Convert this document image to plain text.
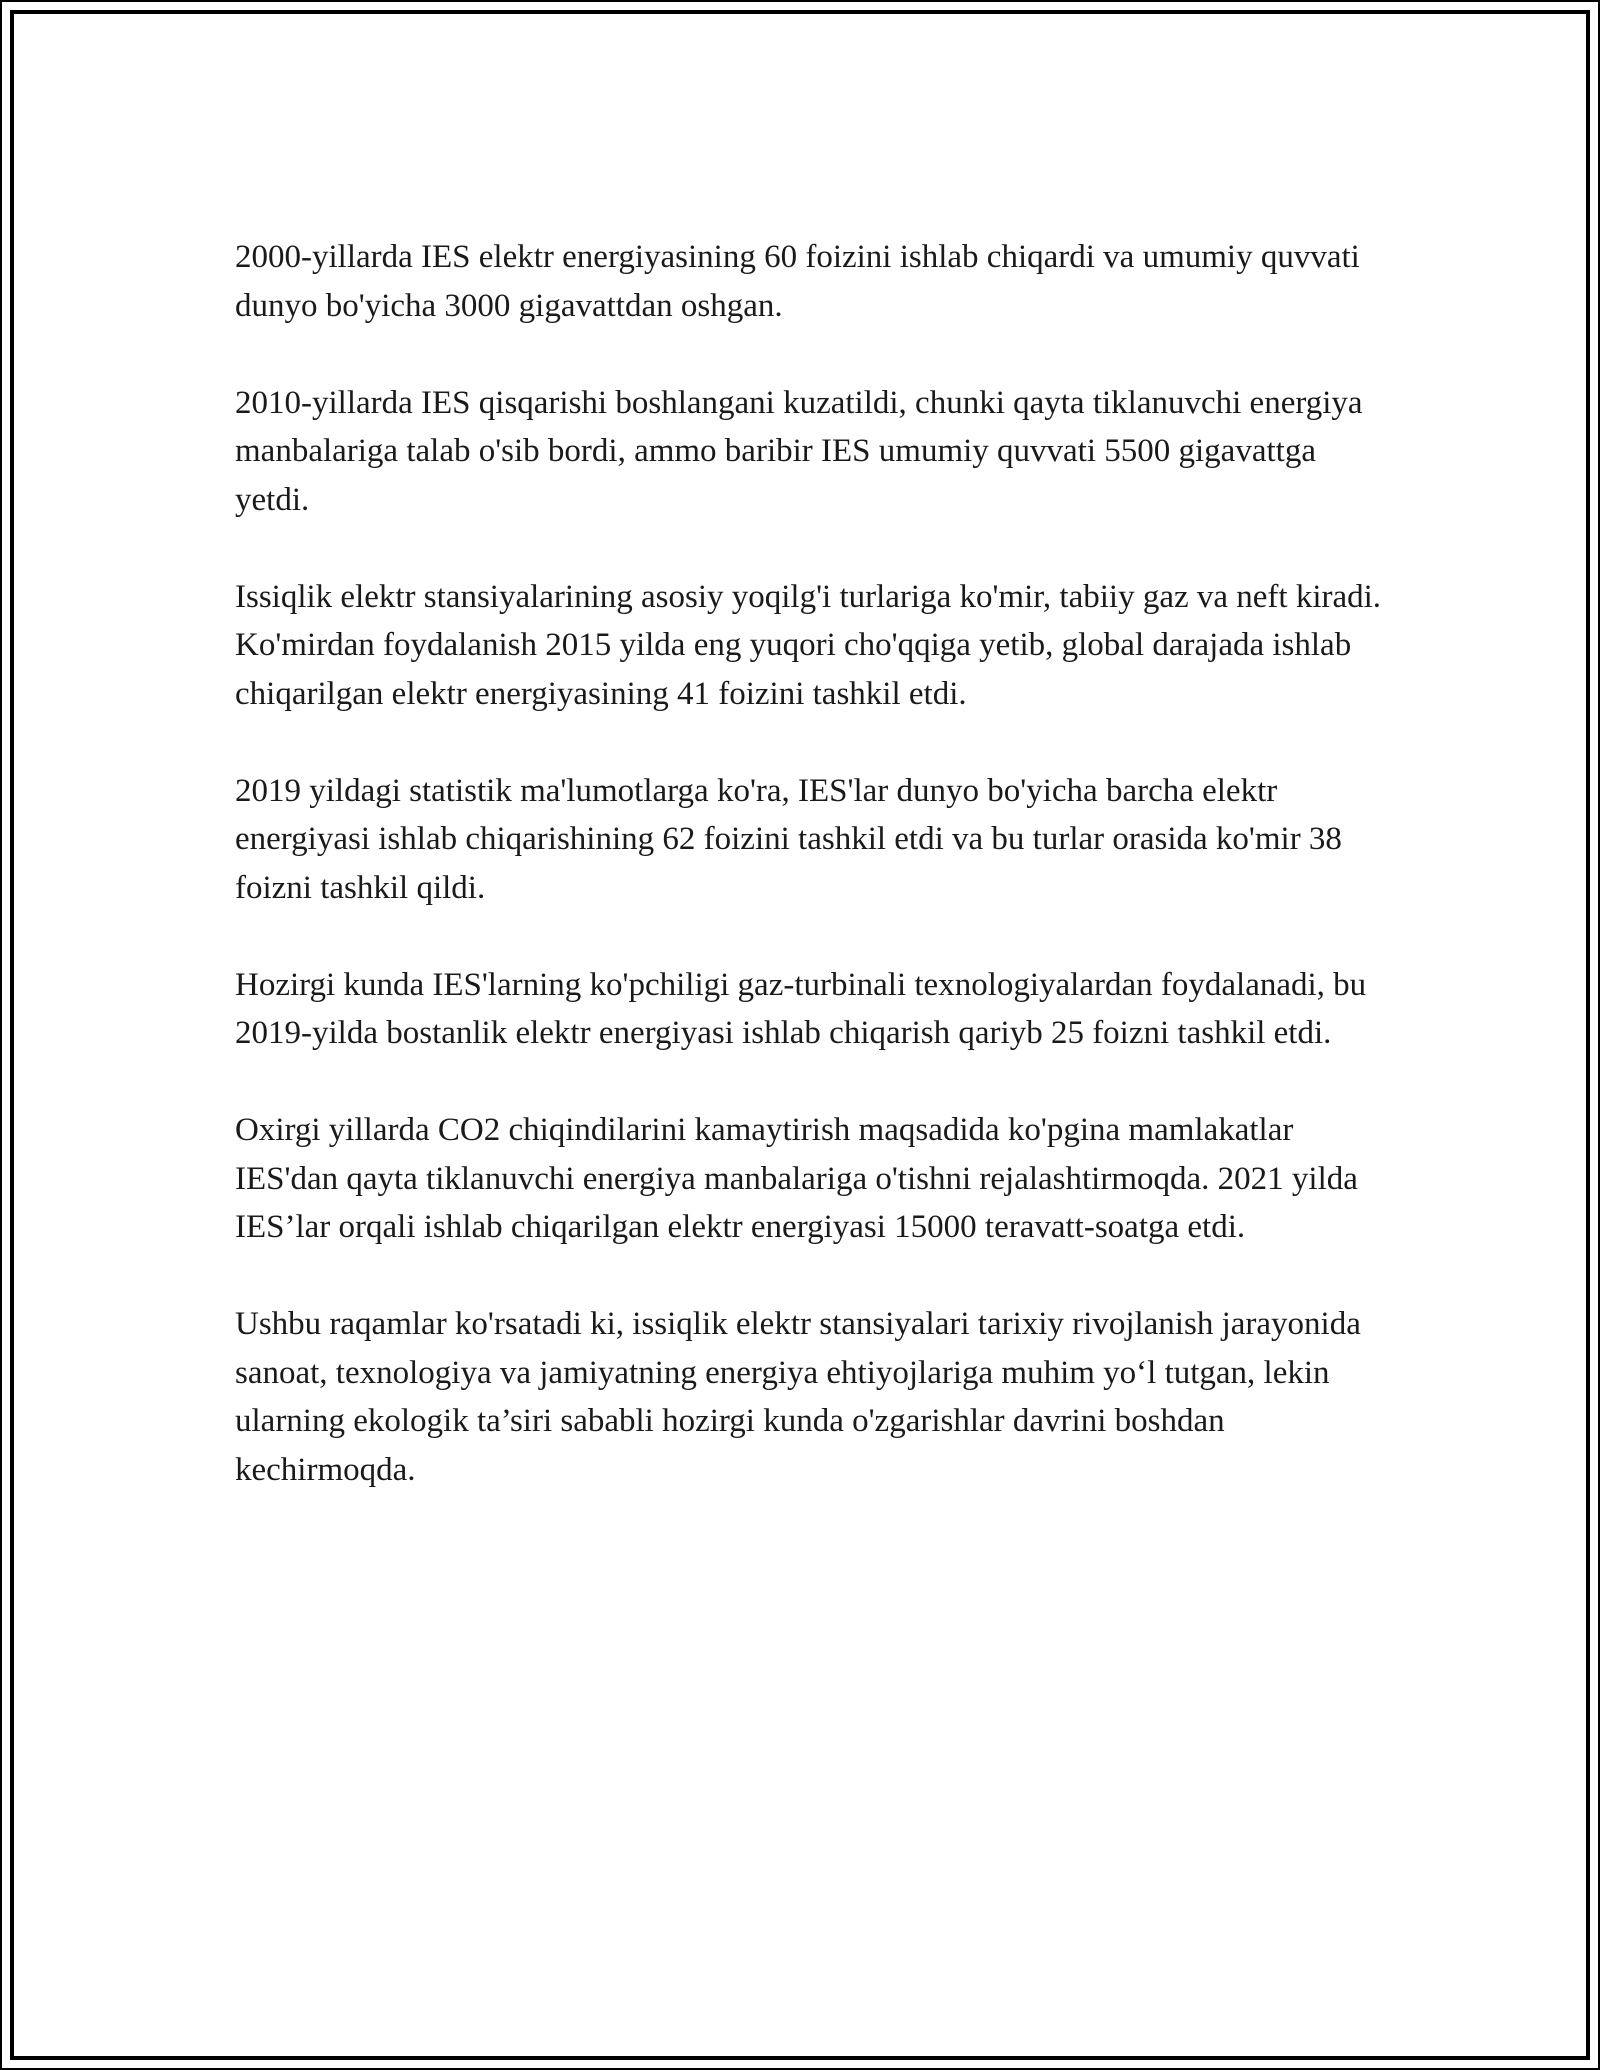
2000-yillarda IES elektr energiyasining 60 foizini ishlab chiqardi va umumiy quvvati dunyo bo'yicha 3000 gigavattdan oshgan.

2010-yillarda IES qisqarishi boshlangani kuzatildi, chunki qayta tiklanuvchi energiya manbalariga talab o'sib bordi, ammo baribir IES umumiy quvvati 5500 gigavattga yetdi.

Issiqlik elektr stansiyalarining asosiy yoqilg'i turlariga ko'mir, tabiiy gaz va neft kiradi. Ko'mirdan foydalanish 2015 yilda eng yuqori cho'qqiga yetib, global darajada ishlab chiqarilgan elektr energiyasining 41 foizini tashkil etdi.

2019 yildagi statistik ma'lumotlarga ko'ra, IES'lar dunyo bo'yicha barcha elektr energiyasi ishlab chiqarishining 62 foizini tashkil etdi va bu turlar orasida ko'mir 38 foizni tashkil qildi.

Hozirgi kunda IES'larning ko'pchiligi gaz-turbinali texnologiyalardan foydalanadi, bu 2019-yilda bostanlik elektr energiyasi ishlab chiqarish qariyb 25 foizni tashkil etdi.

Oxirgi yillarda CO2 chiqindilarini kamaytirish maqsadida ko'pgina mamlakatlar IES'dan qayta tiklanuvchi energiya manbalariga o'tishni rejalashtirmoqda. 2021 yilda IES’lar orqali ishlab chiqarilgan elektr energiyasi 15000 teravatt-soatga etdi.

Ushbu raqamlar ko'rsatadi ki, issiqlik elektr stansiyalari tarixiy rivojlanish jarayonida sanoat, texnologiya va jamiyatning energiya ehtiyojlariga muhim yo‘l tutgan, lekin ularning ekologik ta’siri sababli hozirgi kunda o'zgarishlar davrini boshdan kechirmoqda.
